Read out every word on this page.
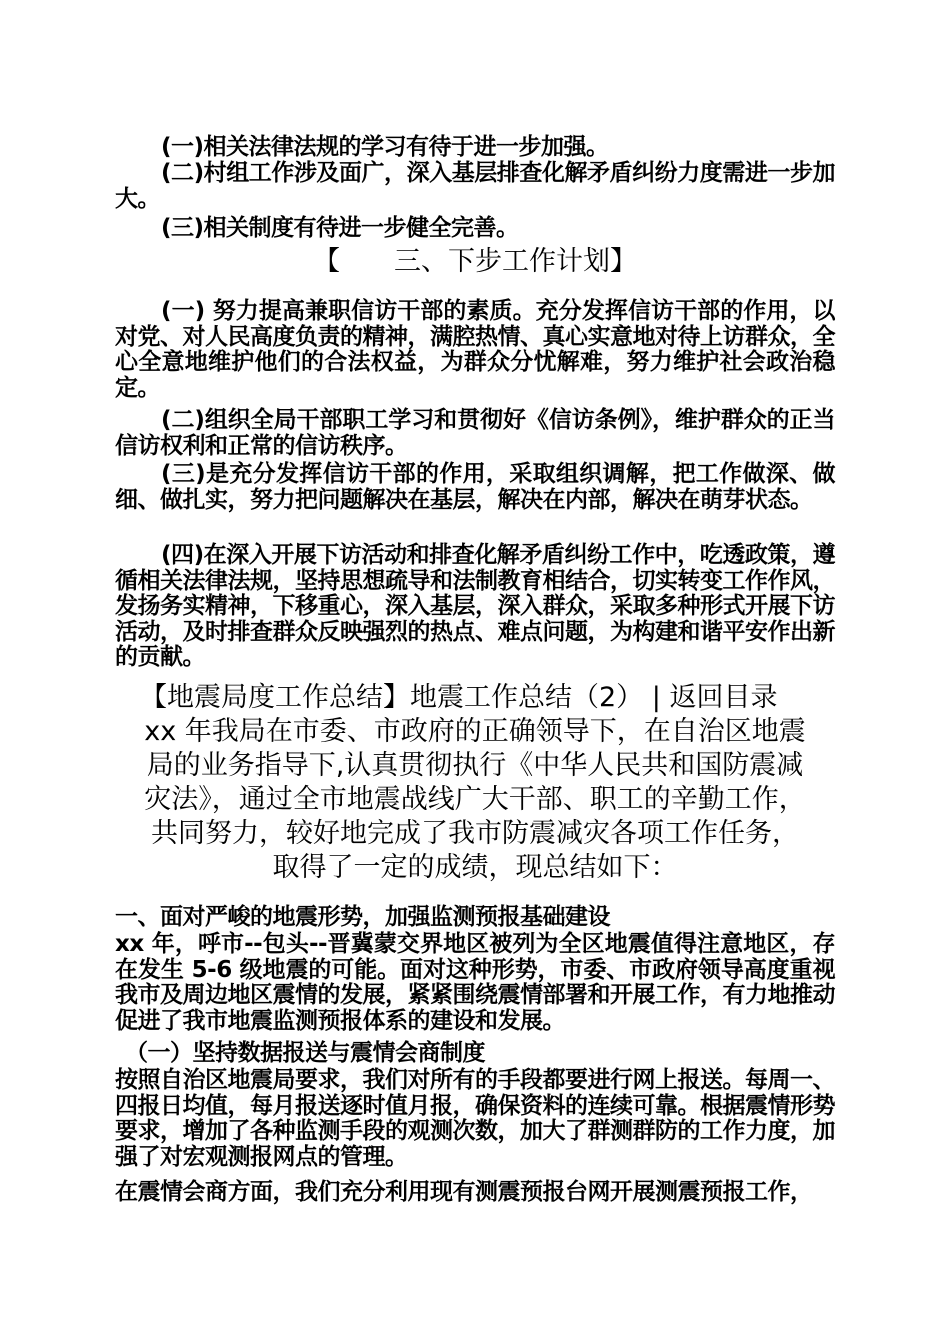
(一)相关法律法规的学习有待于进一步加强。

(二)村组工作涉及面广，深入基层排查化解矛盾纠纷力度需进一步加大。

(三)相关制度有待进一步健全完善。

【　　三、下步工作计划】

(一) 努力提高兼职信访干部的素质。充分发挥信访干部的作用，以对党、对人民高度负责的精神，满腔热情、真心实意地对待上访群众，全心全意地维护他们的合法权益，为群众分忧解难，努力维护社会政治稳定。

(二)组织全局干部职工学习和贯彻好《信访条例》，维护群众的正当信访权利和正常的信访秩序。

(三)是充分发挥信访干部的作用，采取组织调解，把工作做深、做细、做扎实，努力把问题解决在基层，解决在内部，解决在萌芽状态。

(四)在深入开展下访活动和排查化解矛盾纠纷工作中，吃透政策，遵循相关法律法规，坚持思想疏导和法制教育相结合，切实转变工作作风，发扬务实精神，下移重心，深入基层，深入群众，采取多种形式开展下访活动，及时排查群众反映强烈的热点、难点问题，为构建和谐平安作出新的贡献。

【地震局度工作总结】地震工作总结（2） | 返回目录

xx 年我局在市委、市政府的正确领导下，在自治区地震
局的业务指导下,认真贯彻执行《中华人民共和国防震减
灾法》，通过全市地震战线广大干部、职工的辛勤工作，
共同努力，较好地完成了我市防震减灾各项工作任务，
取得了一定的成绩，现总结如下：

一、面对严峻的地震形势，加强监测预报基础建设

xx 年，呼市--包头--晋冀蒙交界地区被列为全区地震值得注意地区，存在发生 5-6 级地震的可能。面对这种形势，市委、市政府领导高度重视我市及周边地区震情的发展，紧紧围绕震情部署和开展工作，有力地推动促进了我市地震监测预报体系的建设和发展。

（一）坚持数据报送与震情会商制度

按照自治区地震局要求，我们对所有的手段都要进行网上报送。每周一、四报日均值，每月报送逐时值月报，确保资料的连续可靠。根据震情形势要求，增加了各种监测手段的观测次数，加大了群测群防的工作力度，加强了对宏观测报网点的管理。

在震情会商方面，我们充分利用现有测震预报台网开展测震预报工作，
